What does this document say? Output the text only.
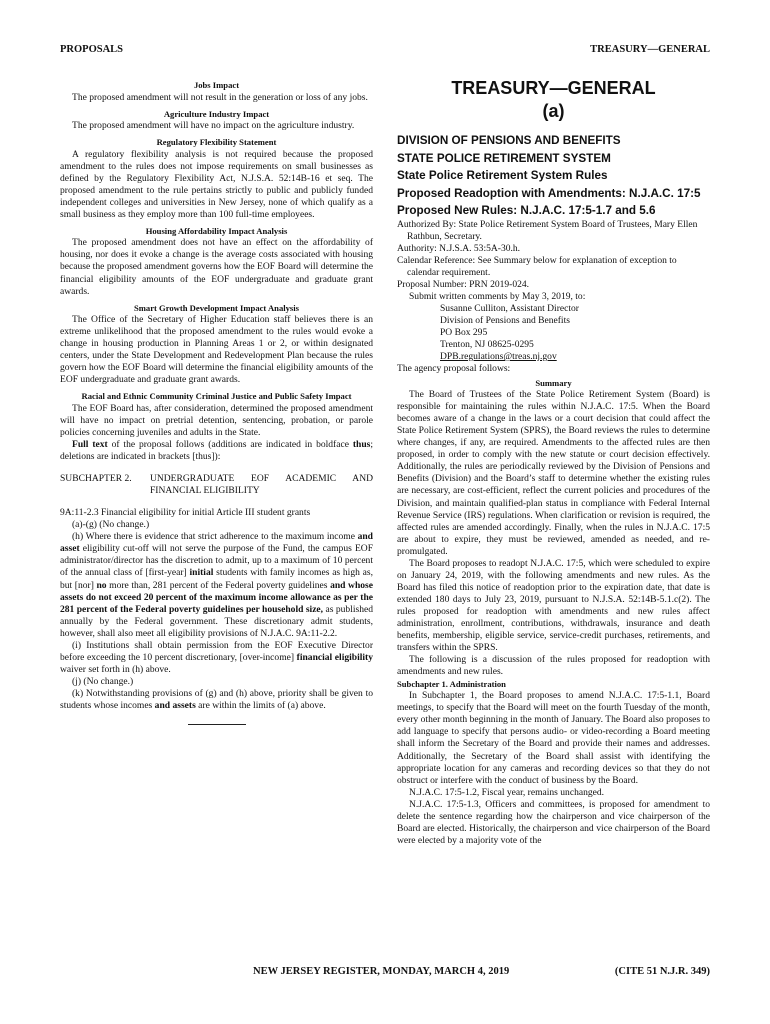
PROPOSALS	TREASURY—GENERAL
Jobs Impact

The proposed amendment will not result in the generation or loss of any jobs.

Agriculture Industry Impact

The proposed amendment will have no impact on the agriculture industry.

Regulatory Flexibility Statement

A regulatory flexibility analysis is not required because the proposed amendment to the rules does not impose requirements on small businesses as defined by the Regulatory Flexibility Act, N.J.S.A. 52:14B-16 et seq. The proposed amendment to the rule pertains strictly to public and publicly funded independent colleges and universities in New Jersey, none of which qualify as a small business as they employ more than 100 full-time employees.

Housing Affordability Impact Analysis

The proposed amendment does not have an effect on the affordability of housing, nor does it evoke a change is the average costs associated with housing because the proposed amendment governs how the EOF Board will determine the financial eligibility amounts of the EOF undergraduate and graduate grant awards.

Smart Growth Development Impact Analysis

The Office of the Secretary of Higher Education staff believes there is an extreme unlikelihood that the proposed amendment to the rules would evoke a change in housing production in Planning Areas 1 or 2, or within designated centers, under the State Development and Redevelopment Plan because the rules govern how the EOF Board will determine the financial eligibility amounts of the EOF undergraduate and graduate grant awards.

Racial and Ethnic Community Criminal Justice and Public Safety Impact

The EOF Board has, after consideration, determined the proposed amendment will have no impact on pretrial detention, sentencing, probation, or parole policies concerning juveniles and adults in the State.

Full text of the proposal follows (additions are indicated in boldface thus; deletions are indicated in brackets [thus]):

SUBCHAPTER 2.	UNDERGRADUATE EOF ACADEMIC AND FINANCIAL ELIGIBILITY
9A:11-2.3 Financial eligibility for initial Article III student grants

(a)-(g) (No change.)

(h) Where there is evidence that strict adherence to the maximum income and asset eligibility cut-off will not serve the purpose of the Fund, the campus EOF administrator/director has the discretion to admit, up to a maximum of 10 percent of the annual class of [first-year] initial students with family incomes as high as, but [nor] no more than, 281 percent of the Federal poverty guidelines and whose assets do not exceed 20 percent of the maximum income allowance as per the 281 percent of the Federal poverty guidelines per household size, as published annually by the Federal government. These discretionary admit students, however, shall also meet all eligibility provisions of N.J.A.C. 9A:11-2.2.

(i) Institutions shall obtain permission from the EOF Executive Director before exceeding the 10 percent discretionary, [over-income] financial eligibility waiver set forth in (h) above.

(j) (No change.)

(k) Notwithstanding provisions of (g) and (h) above, priority shall be given to students whose incomes and assets are within the limits of (a) above.

TREASURY—GENERAL
(a)
DIVISION OF PENSIONS AND BENEFITS
STATE POLICE RETIREMENT SYSTEM
State Police Retirement System Rules
Proposed Readoption with Amendments: N.J.A.C. 17:5
Proposed New Rules: N.J.A.C. 17:5-1.7 and 5.6

Authorized By: State Police Retirement System Board of Trustees, Mary Ellen Rathbun, Secretary.

Authority: N.J.S.A. 53:5A-30.h.

Calendar Reference: See Summary below for explanation of exception to calendar requirement.

Proposal Number: PRN 2019-024.

Submit written comments by May 3, 2019, to:

Susanne Culliton, Assistant Director

Division of Pensions and Benefits

PO Box 295

Trenton, NJ 08625-0295

DPB.regulations@treas.nj.gov

The agency proposal follows:

Summary

The Board of Trustees of the State Police Retirement System (Board) is responsible for maintaining the rules within N.J.A.C. 17:5. When the Board becomes aware of a change in the laws or a court decision that could affect the State Police Retirement System (SPRS), the Board reviews the rules to determine where changes, if any, are required. Amendments to the affected rules are then proposed, in order to comply with the new statute or court decision effectively. Additionally, the rules are periodically reviewed by the Division of Pensions and Benefits (Division) and the Board’s staff to determine whether the existing rules are necessary, are cost-efficient, reflect the current policies and procedures of the Division, and maintain qualified-plan status in compliance with Federal Internal Revenue Service (IRS) regulations. When clarification or revision is required, the affected rules are amended accordingly. Finally, when the rules in N.J.A.C. 17:5 are about to expire, they must be reviewed, amended as needed, and re-promulgated.

The Board proposes to readopt N.J.A.C. 17:5, which were scheduled to expire on January 24, 2019, with the following amendments and new rules. As the Board has filed this notice of readoption prior to the expiration date, that date is extended 180 days to July 23, 2019, pursuant to N.J.S.A. 52:14B-5.1.c(2). The rules proposed for readoption with amendments and new rules affect administration, enrollment, contributions, withdrawals, insurance and death benefits, membership, eligible service, service-credit purchases, retirements, and transfers within the SPRS.

The following is a discussion of the rules proposed for readoption with amendments and new rules.

Subchapter 1. Administration

In Subchapter 1, the Board proposes to amend N.J.A.C. 17:5-1.1, Board meetings, to specify that the Board will meet on the fourth Tuesday of the month, every other month beginning in the month of January. The Board also proposes to add language to specify that persons audio- or video-recording a Board meeting shall inform the Secretary of the Board and provide their names and addresses. Additionally, the Secretary of the Board shall assist with identifying the appropriate location for any cameras and recording devices so that they do not obstruct or interfere with the conduct of business by the Board.

N.J.A.C. 17:5-1.2, Fiscal year, remains unchanged.

N.J.A.C. 17:5-1.3, Officers and committees, is proposed for amendment to delete the sentence regarding how the chairperson and vice chairperson of the Board are elected. Historically, the chairperson and vice chairperson of the Board were elected by a majority vote of the

NEW JERSEY REGISTER, MONDAY, MARCH 4, 2019	(CITE 51 N.J.R. 349)
